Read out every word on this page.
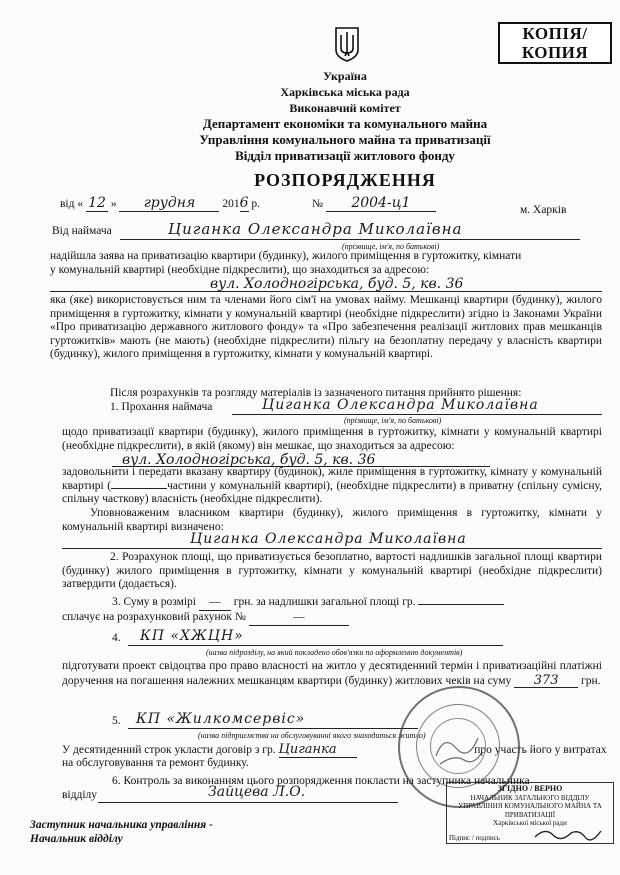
КОПІЯ/
КОПИЯ
Україна
Харківська міська рада
Виконавчий комітет
Департамент економіки та комунального майна
Управління комунального майна та приватизації
Відділ приватизації житлового фонду
РОЗПОРЯДЖЕННЯ
від « 12 » грудня 2016 р.	№ 2004-ц1	м. Харків
Від наймача	Циганка Олександра Миколаївна
(прізвище, ім'я, по батькові)
надійшла заява на приватизацію квартири (будинку), жилого приміщення в гуртожитку, кімнати
у комунальній квартирі (необхідне підкреслити), що знаходиться за адресою:
вул. Холодногірська, буд. 5, кв. 36
яка (яке) використовується ним та членами його сім'ї на умовах найму. Мешканці квартири (будинку), жилого приміщення в гуртожитку, кімнати у комунальній квартирі (необхідне підкреслити) згідно із Законами України «Про приватизацію державного житлового фонду» та «Про забезпечення реалізації житлових прав мешканців гуртожитків» мають (не мають) (необхідне підкреслити) пільгу на безоплатну передачу у власність квартири (будинку), жилого приміщення в гуртожитку, кімнати у комунальній квартирі.
Після розрахунків та розгляду матеріалів із зазначеного питання прийнято рішення:
1. Прохання наймача	Циганка Олександра Миколаївна
(прізвище, ім'я, по батькові)
щодо приватизації квартири (будинку), жилого приміщення в гуртожитку, кімнати у комунальній квартирі (необхідне підкреслити), в якій (якому) він мешкає, що знаходиться за адресою:
вул. Холодногірська, буд. 5, кв. 36
задовольнити і передати вказану квартиру (будинок), жиле приміщення в гуртожитку, кімнату у комунальній квартирі (	частини у комунальній квартирі), (необхідне підкреслити) в приватну (спільну сумісну, спільну часткову) власність (необхідне підкреслити).
Уповноваженим власником квартири (будинку), жилого приміщення в гуртожитку, кімнати у комунальній квартирі визначено:
Циганка Олександра Миколаївна
2. Розрахунок площі, що приватизується безоплатно, вартості надлишків загальної площі квартири (будинку) жилого приміщення в гуртожитку, кімнати у комунальній квартирі (необхідне підкреслити) затвердити (додається).
3. Суму в розмірі — грн. за надлишки загальної площі гр.
сплачує на розрахунковий рахунок №	—
4. КП «ХЖЦН»
(назва підрозділу, на який покладено обов'язки по оформленню документів)
підготувати проект свідоцтва про право власності на житло у десятиденний термін і приватизаційні платіжні доручення на погашення належних мешканцям квартири (будинку) житлових чеків на суму 373 грн.
5. КП «Жилкомсервіс»
(назва підприємства на обслуговуванні якого знаходиться житло)
У десятиденний строк укласти договір з гр. Циганка	про участь його у витратах
на обслуговування та ремонт будинку.
6. Контроль за виконанням цього розпорядження покласти на заступника начальника
відділу	Зайцева Л.О.
Заступник начальника управління -
Начальник відділу
ЗГІДНО / ВЕРНО
НАЧАЛЬНИК ЗАГАЛЬНОГО ВІДДІЛУ
УПРАВЛІННЯ КОМУНАЛЬНОГО МАЙНА ТА ПРИВАТИЗАЦІЇ
Харківської міської ради
Підпис / подпись
